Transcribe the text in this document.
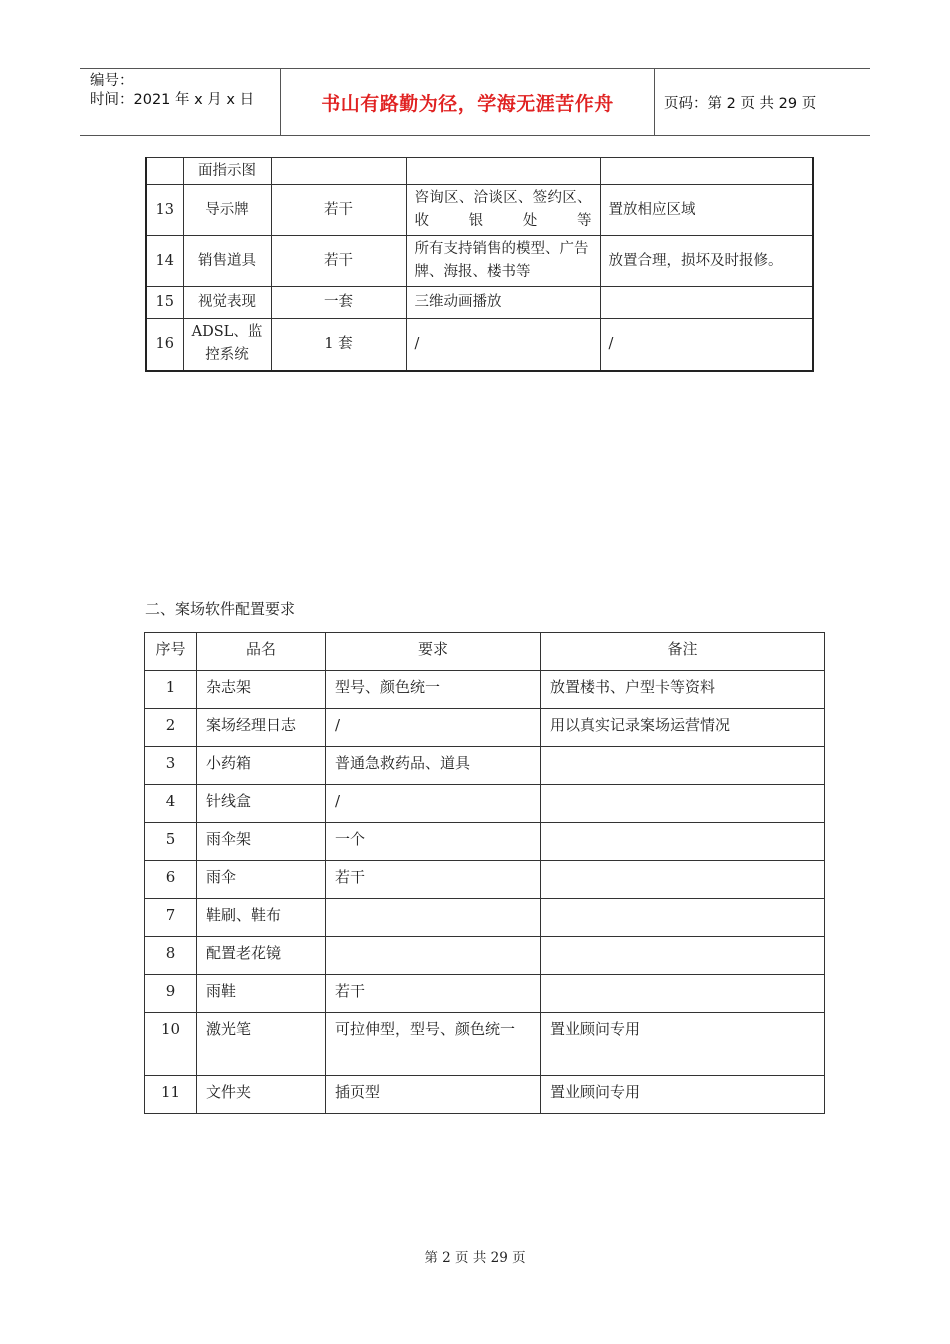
编号：
时间：2021 年 x 月 x 日	书山有路勤为径，学海无涯苦作舟	页码：第 2 页 共 29 页
	面指示图			
13	导示牌	若干	咨询区、洽谈区、签约区、收银处等	置放相应区域
14	销售道具	若干	所有支持销售的模型、广告牌、海报、楼书等	放置合理，损坏及时报修。
15	视觉表现	一套	三维动画播放	
16	ADSL、监控系统	1 套	/	/
二、案场软件配置要求
序号	品名	要求	备注
1	杂志架	型号、颜色统一	放置楼书、户型卡等资料
2	案场经理日志	/	用以真实记录案场运营情况
3	小药箱	普通急救药品、道具	
4	针线盒	/	
5	雨伞架	一个	
6	雨伞	若干	
7	鞋刷、鞋布		
8	配置老花镜		
9	雨鞋	若干	
10	激光笔	可拉伸型，型号、颜色统一	置业顾问专用
11	文件夹	插页型	置业顾问专用
第 2 页 共 29 页
